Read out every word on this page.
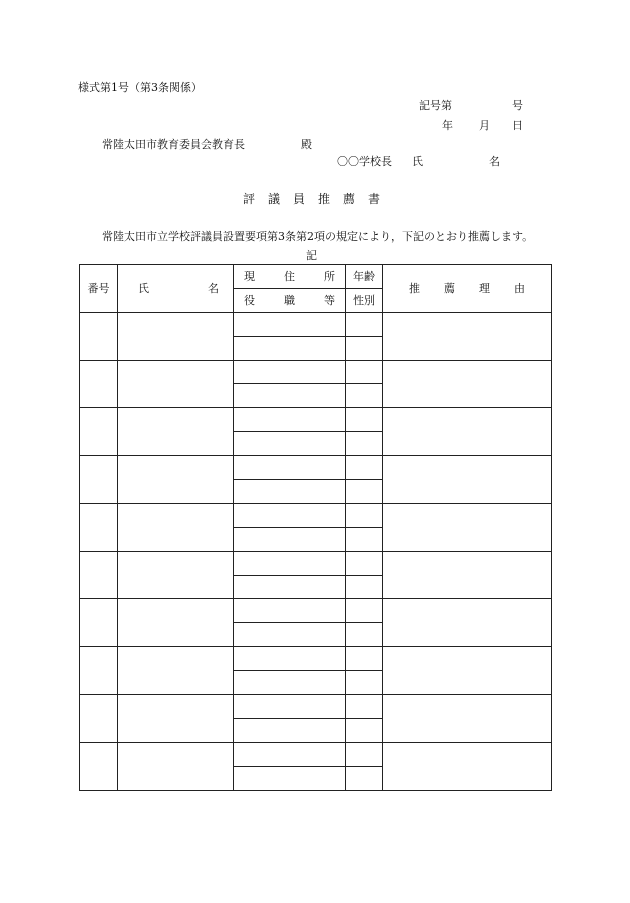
様式第1号（第3条関係）
記号第	号
年 月 日
常陸太田市教育委員会教育長	殿
〇〇学校長 氏	名
評議員推薦書
常陸太田市立学校評議員設置要項第3条第2項の規定により，下記のとおり推薦します。
記
番号	氏 名	現 住 所	年齢	推 薦 理 由

		役 職 等	性別	
